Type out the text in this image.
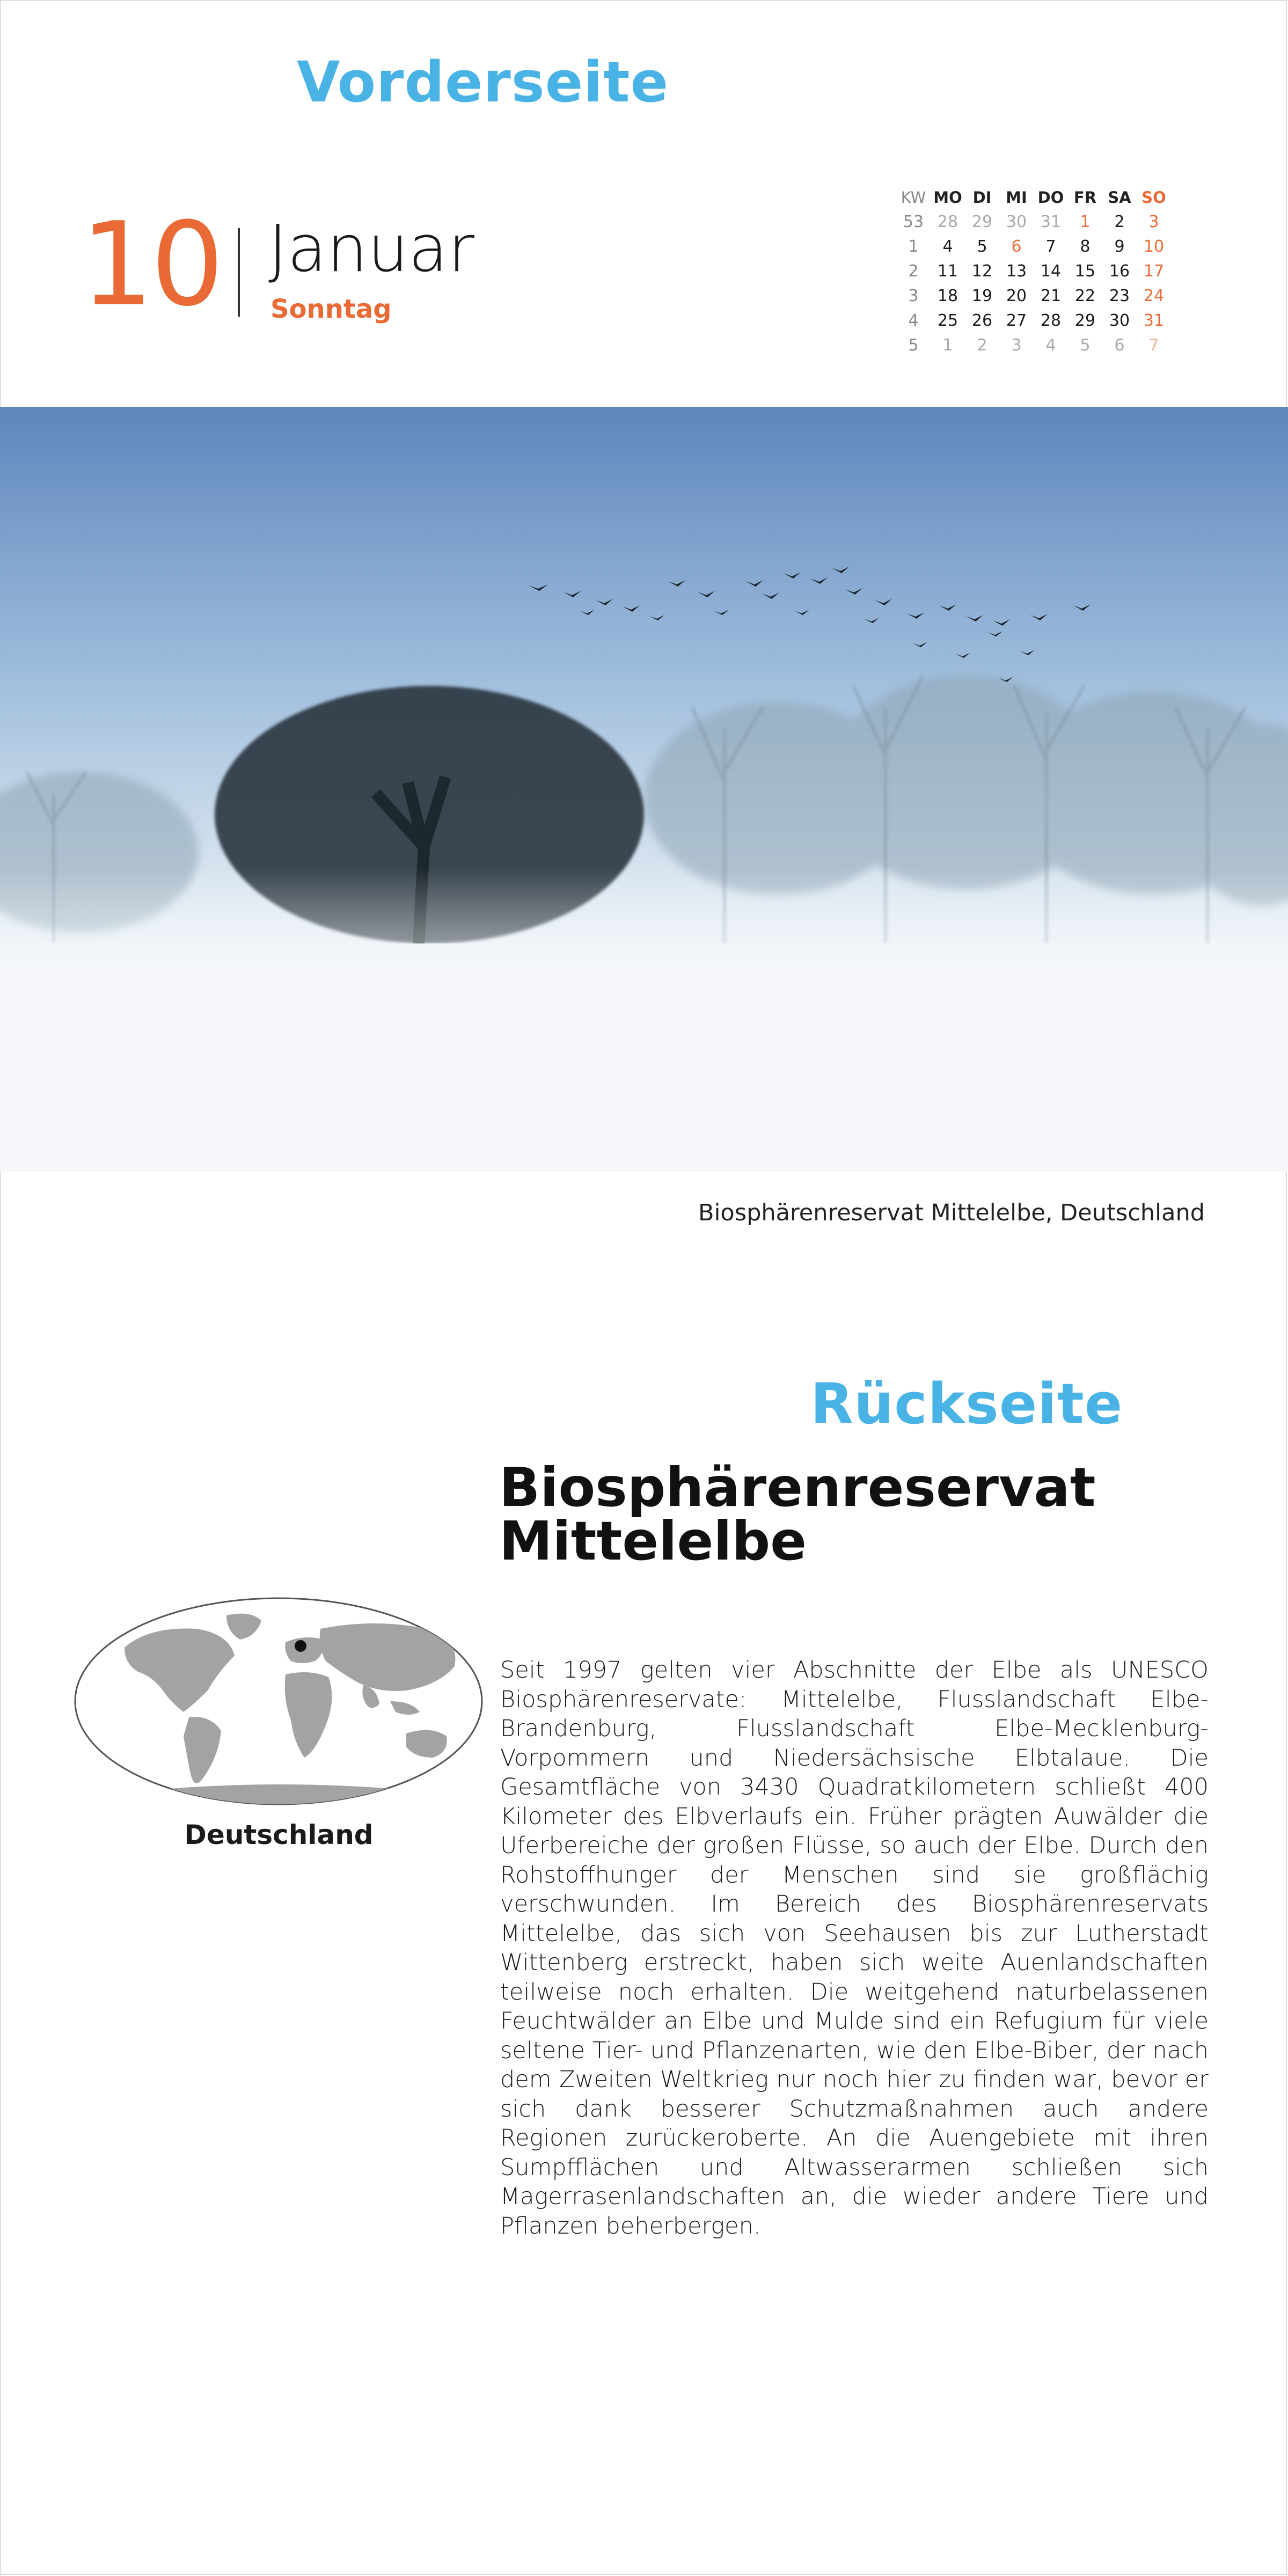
Vorderseite
10 Januar
Sonntag
KW	MO	DI	MI	DO	FR	SA	SO
53	28	29	30	31	1	2	3
1	4	5	6	7	8	9	10
2	11	12	13	14	15	16	17
3	18	19	20	21	22	23	24
4	25	26	27	28	29	30	31
5	1	2	3	4	5	6	7
Biosphärenreservat Mittelelbe, Deutschland
Rückseite
Biosphärenreservat
Mittelelbe
Deutschland
Seit 1997 gelten vier Abschnitte der Elbe als UNESCO Biosphärenreservate: Mittelelbe, Flusslandschaft Elbe-Brandenburg, Flusslandschaft Elbe-Mecklenburg-Vorpommern und Niedersächsische Elbtalaue. Die Gesamtfläche von 3430 Quadratkilometern schließt 400 Kilometer des Elbverlaufs ein. Früher prägten Auwälder die Uferbereiche der großen Flüsse, so auch der Elbe. Durch den Rohstoffhunger der Menschen sind sie großflächig verschwunden. Im Bereich des Biosphärenreservats Mittelelbe, das sich von Seehausen bis zur Lutherstadt Wittenberg erstreckt, haben sich weite Auenlandschaften teilweise noch erhalten. Die weitgehend naturbelassenen Feuchtwälder an Elbe und Mulde sind ein Refugium für viele seltene Tier- und Pflanzenarten, wie den Elbe-Biber, der nach dem Zweiten Weltkrieg nur noch hier zu finden war, bevor er sich dank besserer Schutzmaßnahmen auch andere Regionen zurückeroberte. An die Auengebiete mit ihren Sumpfflächen und Altwasserarmen schließen sich Magerrasenlandschaften an, die wieder andere Tiere und Pflanzen beherbergen.
